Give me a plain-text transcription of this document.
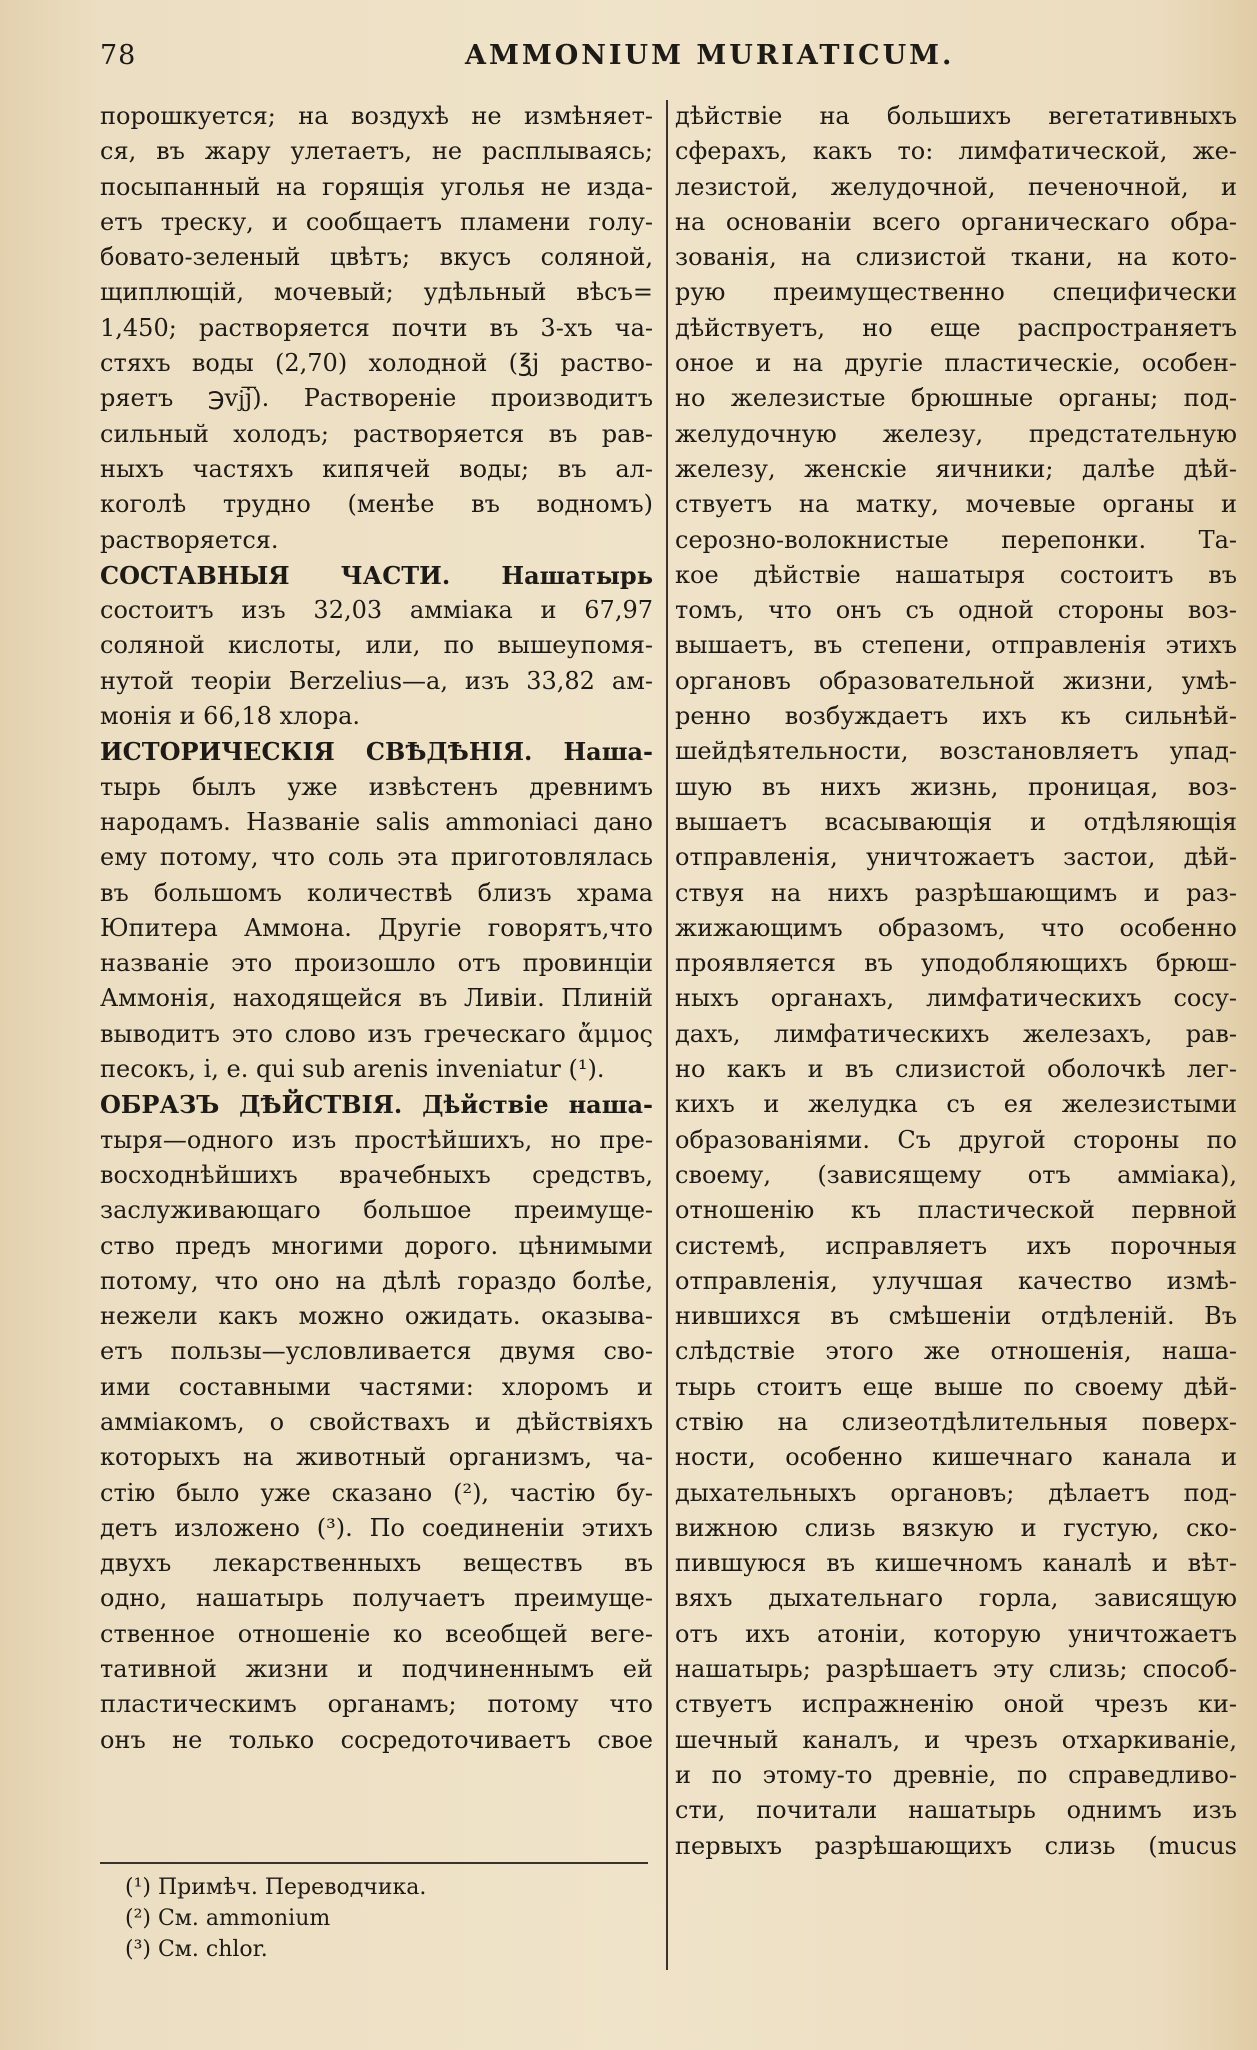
78	AMMONIUM MURIATICUM.
порошкуется; на воздухѣ не измѣняет-
ся, въ жару улетаетъ, не расплываясь;
посыпанный на горящія уголья не изда-
етъ треску, и сообщаетъ пламени голу-
бовато-зеленый цвѣтъ; вкусъ соляной,
щиплющій, мочевый; удѣльный вѣсъ=
1,450; растворяется почти въ 3-хъ ча-
стяхъ воды (2,70) холодной (℥j раство-
ряетъ ℈vj͞j). Раствореніе производитъ
сильный холодъ; растворяется въ рав-
ныхъ частяхъ кипячей воды; въ ал-
коголѣ трудно (менѣе въ водномъ)
растворяется.
СОСТАВНЫЯ ЧАСТИ. Нашатырь
состоитъ изъ 32,03 амміака и 67,97
соляной кислоты, или, по вышеупомя-
нутой теоріи Berzelius—а, изъ 33,82 ам-
монія и 66,18 хлора.
ИСТОРИЧЕСКІЯ СВѢДѢНІЯ. Наша-
тырь былъ уже извѣстенъ древнимъ
народамъ. Названіе salis ammoniaci дано
ему потому, что соль эта приготовлялась
въ большомъ количествѣ близъ храма
Юпитера Аммона. Другіе говорятъ,что
названіе это произошло отъ провинціи
Аммонія, находящейся въ Ливіи. Плиній
выводитъ это слово изъ греческаго ἄμμος
песокъ, i, e. qui sub arenis inveniatur (¹).
ОБРАЗЪ ДѢЙСТВІЯ. Дѣйствіе наша-
тыря—одного изъ простѣйшихъ, но пре-
восходнѣйшихъ врачебныхъ средствъ,
заслуживающаго большое преимуще-
ство предъ многими дорого. цѣнимыми
потому, что оно на дѣлѣ гораздо болѣе,
нежели какъ можно ожидать. оказыва-
етъ пользы—условливается двумя сво-
ими составными частями: хлоромъ и
амміакомъ, о свойствахъ и дѣйствіяхъ
которыхъ на животный организмъ, ча-
стію было уже сказано (²), частію бу-
детъ изложено (³). По соединеніи этихъ
двухъ лекарственныхъ веществъ въ
одно, нашатырь получаетъ преимуще-
ственное отношеніе ко всеобщей веге-
тативной жизни и подчиненнымъ ей
пластическимъ органамъ; потому что
онъ не только сосредоточиваетъ свое
дѣйствіе на большихъ вегетативныхъ
сферахъ, какъ то: лимфатической, же-
лезистой, желудочной, печеночной, и
на основаніи всего органическаго обра-
зованія, на слизистой ткани, на кото-
рую преимущественно специфически
дѣйствуетъ, но еще распространяетъ
оное и на другіе пластическіе, особен-
но железистые брюшные органы; под-
желудочную железу, предстательную
железу, женскіе яичники; далѣе дѣй-
ствуетъ на матку, мочевые органы и
серозно-волокнистые перепонки. Та-
кое дѣйствіе нашатыря состоитъ въ
томъ, что онъ съ одной стороны воз-
вышаетъ, въ степени, отправленія этихъ
органовъ образовательной жизни, умѣ-
ренно возбуждаетъ ихъ къ сильнѣй-
шейдѣятельности, возстановляетъ упад-
шую въ нихъ жизнь, проницая, воз-
вышаетъ всасывающія и отдѣляющія
отправленія, уничтожаетъ застои, дѣй-
ствуя на нихъ разрѣшающимъ и раз-
жижающимъ образомъ, что особенно
проявляется въ уподобляющихъ брюш-
ныхъ органахъ, лимфатическихъ сосу-
дахъ, лимфатическихъ железахъ, рав-
но какъ и въ слизистой оболочкѣ лег-
кихъ и желудка съ ея железистыми
образованіями. Съ другой стороны по
своему, (зависящему отъ амміака),
отношенію къ пластической первной
системѣ, исправляетъ ихъ порочныя
отправленія, улучшая качество измѣ-
нившихся въ смѣшеніи отдѣленій. Въ
слѣдствіе этого же отношенія, наша-
тырь стоитъ еще выше по своему дѣй-
ствію на слизеотдѣлительныя поверх-
ности, особенно кишечнаго канала и
дыхательныхъ органовъ; дѣлаетъ под-
вижною слизь вязкую и густую, ско-
пившуюся въ кишечномъ каналѣ и вѣт-
вяхъ дыхательнаго горла, зависящую
отъ ихъ атоніи, которую уничтожаетъ
нашатырь; разрѣшаетъ эту слизь; способ-
ствуетъ испражненію оной чрезъ ки-
шечный каналъ, и чрезъ отхаркиваніе,
и по этому-то древніе, по справедливо-
сти, почитали нашатырь однимъ изъ
первыхъ разрѣшающихъ слизь (mucus
(¹) Примѣч. Переводчика.
(²) См. ammonium
(³) См. chlor.
